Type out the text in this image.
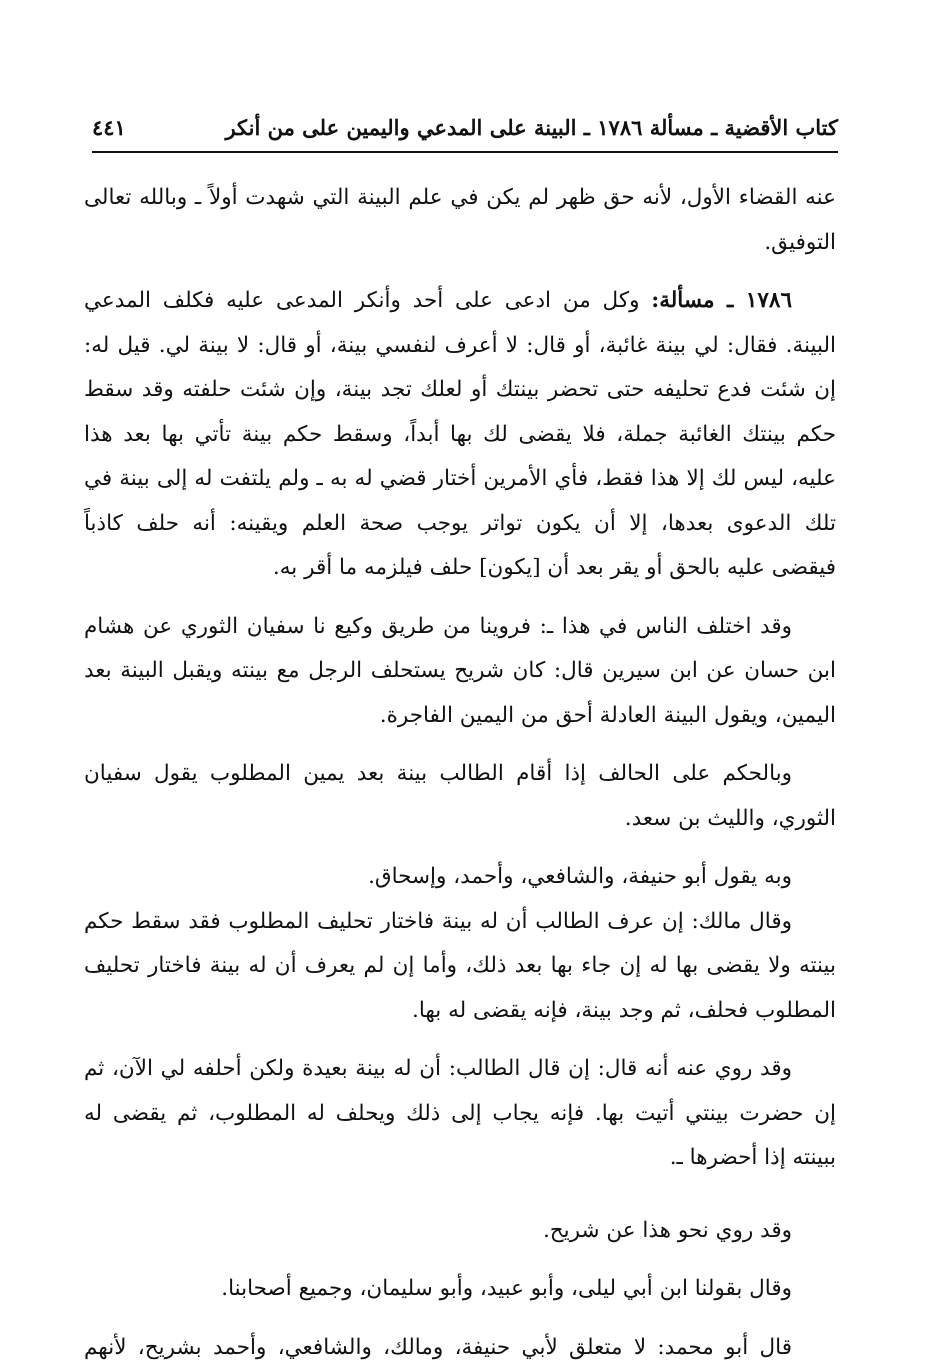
كتاب الأقضية ـ مسألة ١٧٨٦ ـ البينة على المدعي واليمين على من أنكر
٤٤١
عنه القضاء الأول، لأنه حق ظهر لم يكن في علم البينة التي شهدت أولاً ـ وبالله تعالى
التوفيق.
١٧٨٦ ـ مسألة: وكل من ادعى على أحد وأنكر المدعى عليه فكلف المدعي
البينة. فقال: لي بينة غائبة، أو قال: لا أعرف لنفسي بينة، أو قال: لا بينة لي. قيل له:
إن شئت فدع تحليفه حتى تحضر بينتك أو لعلك تجد بينة، وإن شئت حلفته وقد سقط
حكم بينتك الغائبة جملة، فلا يقضى لك بها أبداً، وسقط حكم بينة تأتي بها بعد هذا
عليه، ليس لك إلا هذا فقط، فأي الأمرين أختار قضي له به ـ ولم يلتفت له إلى بينة في
تلك الدعوى بعدها، إلا أن يكون تواتر يوجب صحة العلم ويقينه: أنه حلف كاذباً
فيقضى عليه بالحق أو يقر بعد أن [يكون] حلف فيلزمه ما أقر به.
وقد اختلف الناس في هذا ـ: فروينا من طريق وكيع نا سفيان الثوري عن هشام
ابن حسان عن ابن سيرين قال: كان شريح يستحلف الرجل مع بينته ويقبل البينة بعد
اليمين، ويقول البينة العادلة أحق من اليمين الفاجرة.
وبالحكم على الحالف إذا أقام الطالب بينة بعد يمين المطلوب يقول سفيان
الثوري، والليث بن سعد.
وبه يقول أبو حنيفة، والشافعي، وأحمد، وإسحاق.
وقال مالك: إن عرف الطالب أن له بينة فاختار تحليف المطلوب فقد سقط حكم
بينته ولا يقضى بها له إن جاء بها بعد ذلك، وأما إن لم يعرف أن له بينة فاختار تحليف
المطلوب فحلف، ثم وجد بينة، فإنه يقضى له بها.
وقد روي عنه أنه قال: إن قال الطالب: أن له بينة بعيدة ولكن أحلفه لي الآن، ثم
إن حضرت بينتي أتيت بها. فإنه يجاب إلى ذلك ويحلف له المطلوب، ثم يقضى له
ببينته إذا أحضرها ـ.
وقد روي نحو هذا عن شريح.
وقال بقولنا ابن أبي ليلى، وأبو عبيد، وأبو سليمان، وجميع أصحابنا.
قال أبو محمد: لا متعلق لأبي حنيفة، ومالك، والشافعي، وأحمد بشريح، لأنهم
